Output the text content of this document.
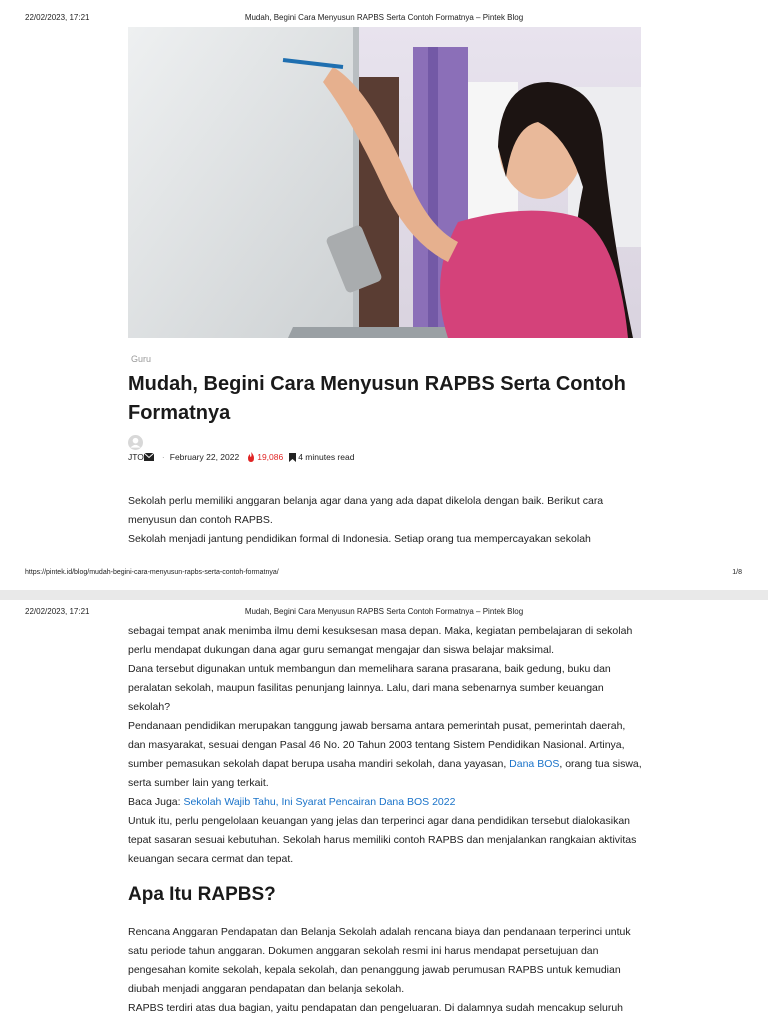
22/02/2023, 17:21	Mudah, Begini Cara Menyusun RAPBS Serta Contoh Formatnya – Pintek Blog
Guru
Mudah, Begini Cara Menyusun RAPBS Serta Contoh Formatnya
JTO · February 22, 2022 19,086 4 minutes read

Sekolah perlu memiliki anggaran belanja agar dana yang ada dapat dikelola dengan baik. Berikut cara menyusun dan contoh RAPBS.

Sekolah menjadi jantung pendidikan formal di Indonesia. Setiap orang tua mempercayakan sekolah

https://pintek.id/blog/mudah-begini-cara-menyusun-rapbs-serta-contoh-formatnya/	1/8
22/02/2023, 17:21	Mudah, Begini Cara Menyusun RAPBS Serta Contoh Formatnya – Pintek Blog

sebagai tempat anak menimba ilmu demi kesuksesan masa depan. Maka, kegiatan pembelajaran di sekolah perlu mendapat dukungan dana agar guru semangat mengajar dan siswa belajar maksimal.

Dana tersebut digunakan untuk membangun dan memelihara sarana prasarana, baik gedung, buku dan peralatan sekolah, maupun fasilitas penunjang lainnya. Lalu, dari mana sebenarnya sumber keuangan sekolah?

Pendanaan pendidikan merupakan tanggung jawab bersama antara pemerintah pusat, pemerintah daerah, dan masyarakat, sesuai dengan Pasal 46 No. 20 Tahun 2003 tentang Sistem Pendidikan Nasional. Artinya, sumber pemasukan sekolah dapat berupa usaha mandiri sekolah, dana yayasan, Dana BOS, orang tua siswa, serta sumber lain yang terkait.

Baca Juga: Sekolah Wajib Tahu, Ini Syarat Pencairan Dana BOS 2022

Untuk itu, perlu pengelolaan keuangan yang jelas dan terperinci agar dana pendidikan tersebut dialokasikan tepat sasaran sesuai kebutuhan. Sekolah harus memiliki contoh RAPBS dan menjalankan rangkaian aktivitas keuangan secara cermat dan tepat.

Apa Itu RAPBS?

Rencana Anggaran Pendapatan dan Belanja Sekolah adalah rencana biaya dan pendanaan terperinci untuk satu periode tahun anggaran. Dokumen anggaran sekolah resmi ini harus mendapat persetujuan dan pengesahan komite sekolah, kepala sekolah, dan penanggung jawab perumusan RAPBS untuk kemudian diubah menjadi anggaran pendapatan dan belanja sekolah.

RAPBS terdiri atas dua bagian, yaitu pendapatan dan pengeluaran. Di dalamnya sudah mencakup seluruh
